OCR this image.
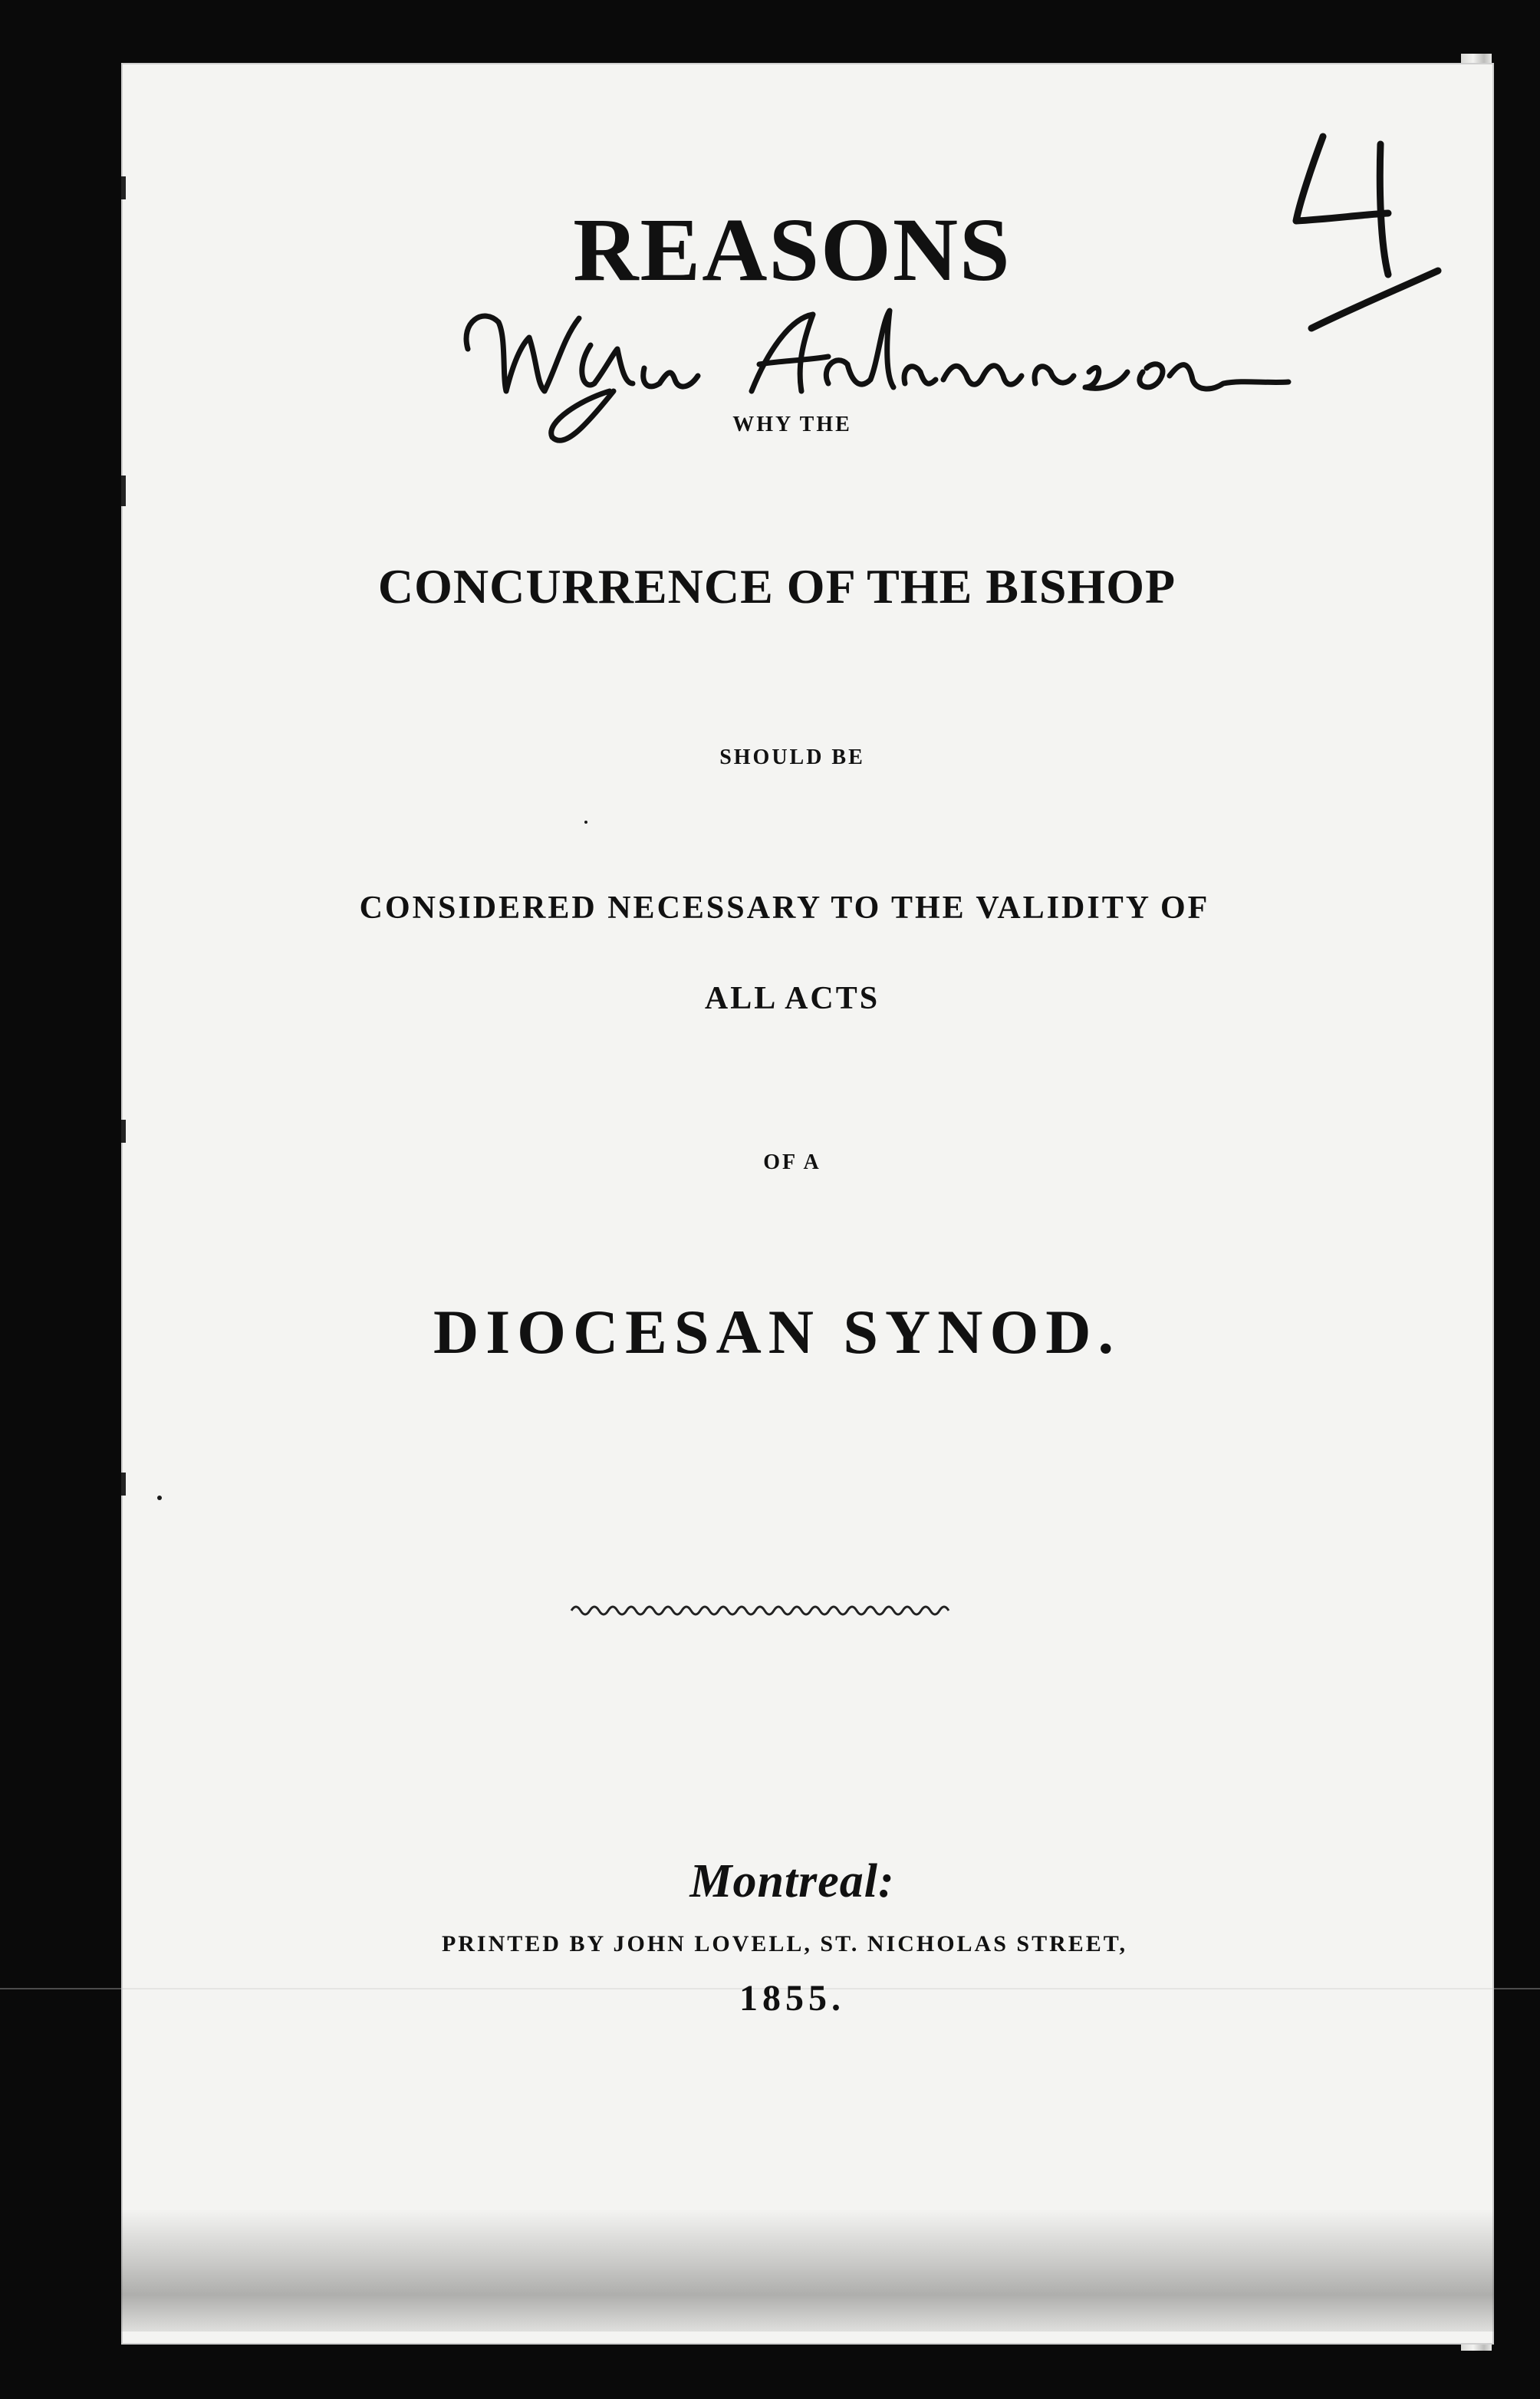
REASONS
WHY THE
CONCURRENCE OF THE BISHOP
SHOULD BE
CONSIDERED NECESSARY TO THE VALIDITY OF
ALL ACTS
OF A
DIOCESAN SYNOD.
Montreal:
PRINTED BY JOHN LOVELL, ST. NICHOLAS STREET,
1855.
